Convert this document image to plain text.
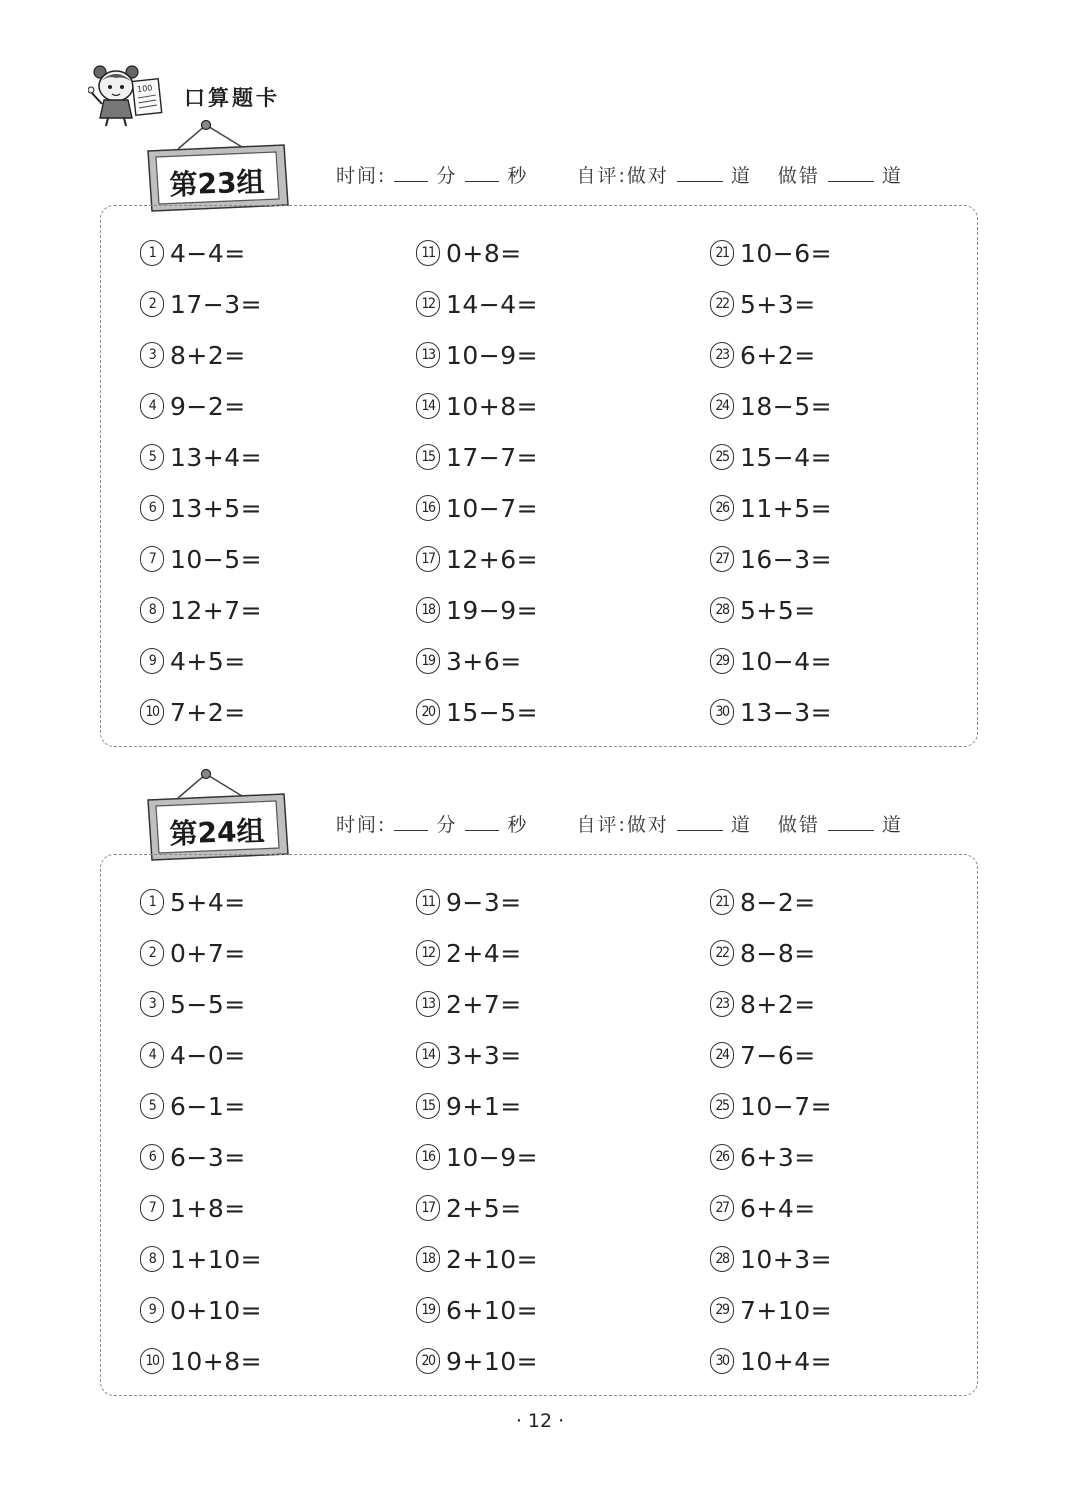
100 口算题卡
第23组	时间:	分	秒	自评:做对	道 做错	道
1 4−4=
2 17−3=
3 8+2=
4 9−2=
5 13+4=
6 13+5=
7 10−5=
8 12+7=
9 4+5=
10 7+2=
11 0+8=
12 14−4=
13 10−9=
14 10+8=
15 17−7=
16 10−7=
17 12+6=
18 19−9=
19 3+6=
20 15−5=
21 10−6=
22 5+3=
23 6+2=
24 18−5=
25 15−4=
26 11+5=
27 16−3=
28 5+5=
29 10−4=
30 13−3=
第24组	时间:	分	秒	自评:做对	道 做错	道
1 5+4=
2 0+7=
3 5−5=
4 4−0=
5 6−1=
6 6−3=
7 1+8=
8 1+10=
9 0+10=
10 10+8=
11 9−3=
12 2+4=
13 2+7=
14 3+3=
15 9+1=
16 10−9=
17 2+5=
18 2+10=
19 6+10=
20 9+10=
21 8−2=
22 8−8=
23 8+2=
24 7−6=
25 10−7=
26 6+3=
27 6+4=
28 10+3=
29 7+10=
30 10+4=
· 12 ·
